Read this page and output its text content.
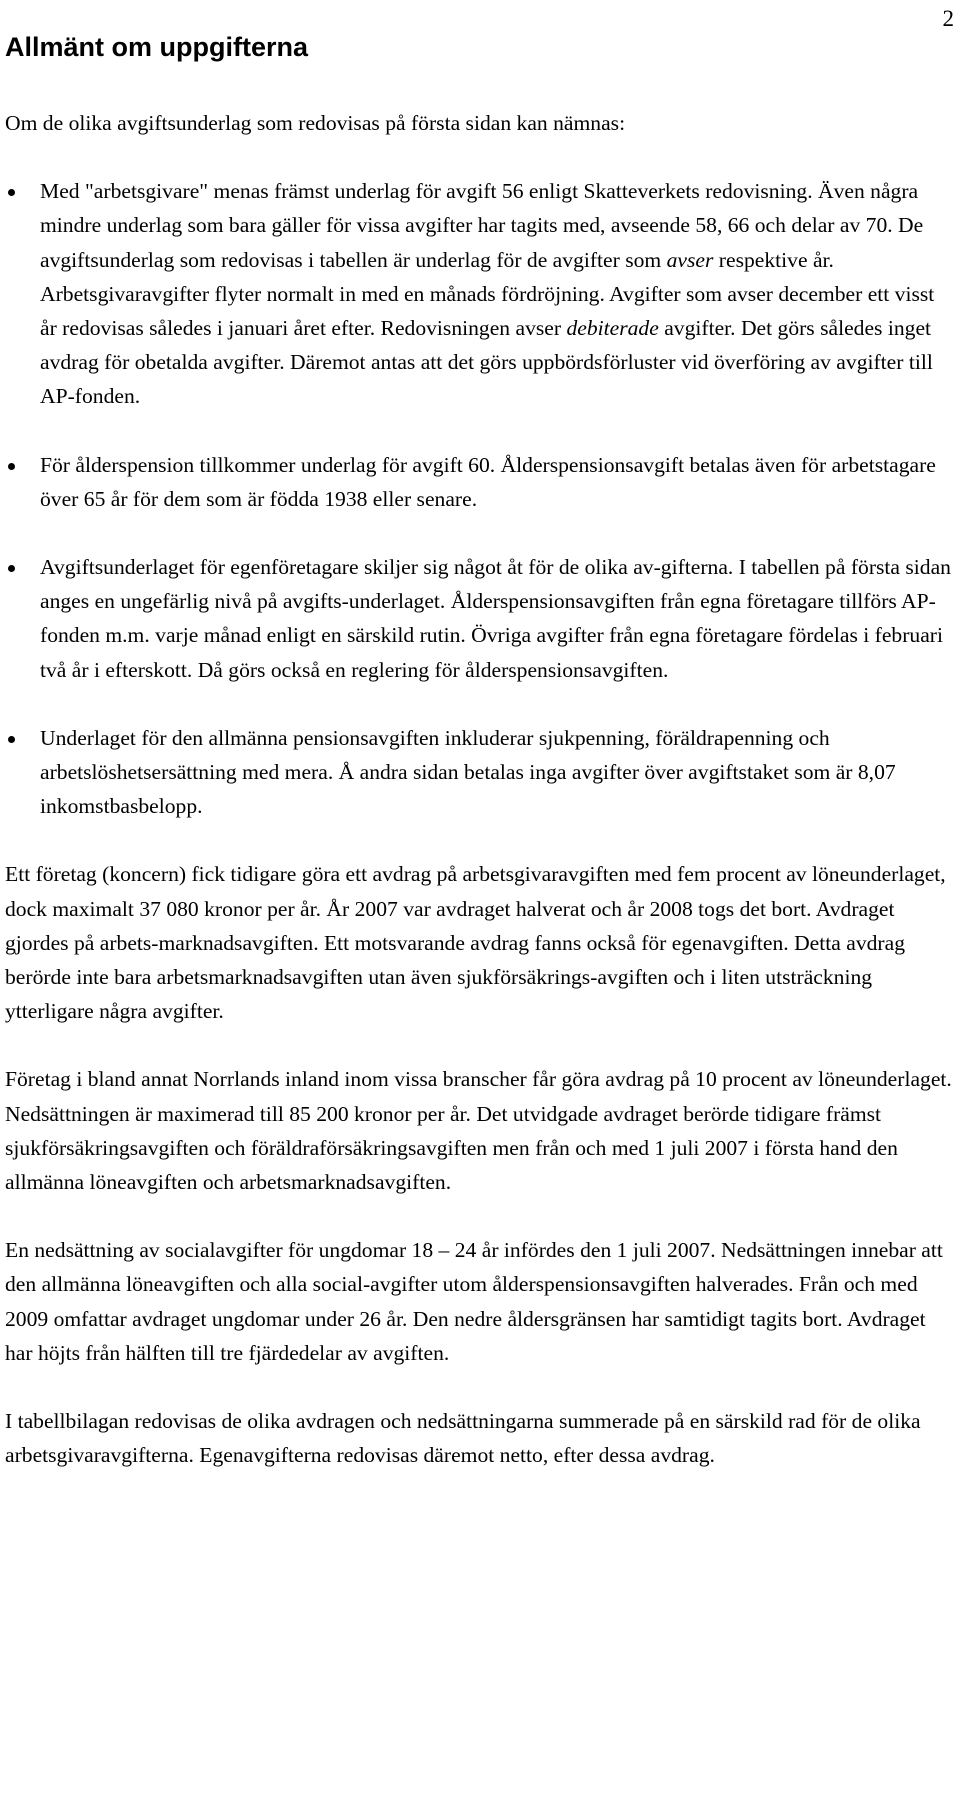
2
Allmänt om uppgifterna

Om de olika avgiftsunderlag som redovisas på första sidan kan nämnas:

Med "arbetsgivare" menas främst underlag för avgift 56 enligt Skatteverkets redovisning. Även några mindre underlag som bara gäller för vissa avgifter har tagits med, avseende 58, 66 och delar av 70. De avgiftsunderlag som redovisas i tabellen är underlag för de avgifter som avser respektive år. Arbetsgivaravgifter flyter normalt in med en månads fördröjning. Avgifter som avser december ett visst år redovisas således i januari året efter. Redovisningen avser debiterade avgifter. Det görs således inget avdrag för obetalda avgifter. Däremot antas att det görs uppbördsförluster vid överföring av avgifter till AP-fonden.

För ålderspension tillkommer underlag för avgift 60. Ålderspensionsavgift betalas även för arbetstagare över 65 år för dem som är födda 1938 eller senare.

Avgiftsunderlaget för egenföretagare skiljer sig något åt för de olika av-gifterna. I tabellen på första sidan anges en ungefärlig nivå på avgifts-underlaget. Ålderspensionsavgiften från egna företagare tillförs AP-fonden m.m. varje månad enligt en särskild rutin. Övriga avgifter från egna företagare fördelas i februari två år i efterskott. Då görs också en reglering för ålderspensionsavgiften.

Underlaget för den allmänna pensionsavgiften inkluderar sjukpenning, föräldrapenning och arbetslöshetsersättning med mera. Å andra sidan betalas inga avgifter över avgiftstaket som är 8,07 inkomstbasbelopp.

Ett företag (koncern) fick tidigare göra ett avdrag på arbetsgivaravgiften med fem procent av löneunderlaget, dock maximalt 37 080 kronor per år. År 2007 var avdraget halverat och år 2008 togs det bort. Avdraget gjordes på arbets-marknadsavgiften. Ett motsvarande avdrag fanns också för egenavgiften. Detta avdrag berörde inte bara arbetsmarknadsavgiften utan även sjukförsäkrings-avgiften och i liten utsträckning ytterligare några avgifter.

Företag i bland annat Norrlands inland inom vissa branscher får göra avdrag på 10 procent av löneunderlaget. Nedsättningen är maximerad till 85 200 kronor per år. Det utvidgade avdraget berörde tidigare främst sjukförsäkringsavgiften och föräldraförsäkringsavgiften men från och med 1 juli 2007 i första hand den allmänna löneavgiften och arbetsmarknadsavgiften.

En nedsättning av socialavgifter för ungdomar 18 – 24 år infördes den 1 juli 2007. Nedsättningen innebar att den allmänna löneavgiften och alla social-avgifter utom ålderspensionsavgiften halverades. Från och med 2009 omfattar avdraget ungdomar under 26 år. Den nedre åldersgränsen har samtidigt tagits bort. Avdraget har höjts från hälften till tre fjärdedelar av avgiften.

I tabellbilagan redovisas de olika avdragen och nedsättningarna summerade på en särskild rad för de olika arbetsgivaravgifterna. Egenavgifterna redovisas däremot netto, efter dessa avdrag.
